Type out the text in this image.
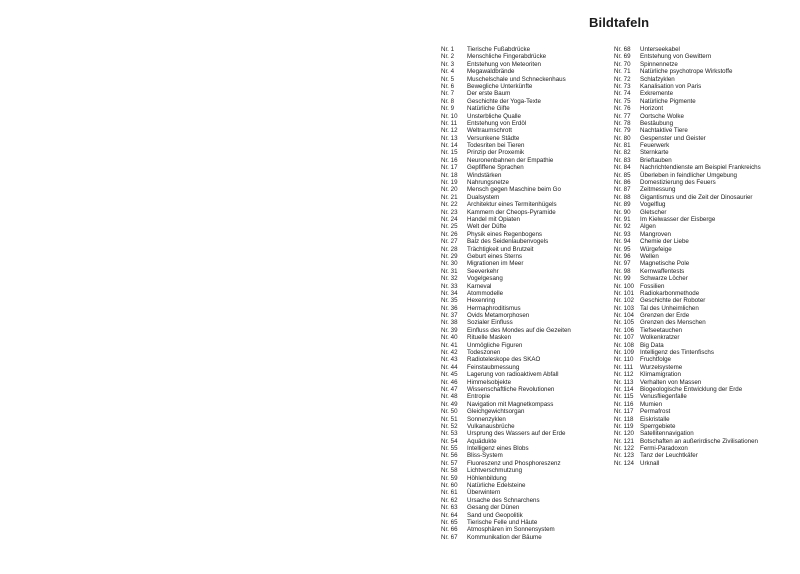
Bildtafeln
Nr. 1	Tierische Fußabdrücke
Nr. 2	Menschliche Fingerabdrücke
Nr. 3	Entstehung von Meteoriten
Nr. 4	Megawaldbrände
Nr. 5	Muschelschale und Schneckenhaus
Nr. 6	Bewegliche Unterkünfte
Nr. 7	Der erste Baum
Nr. 8	Geschichte der Yoga-Texte
Nr. 9	Natürliche Gifte
Nr. 10	Unsterbliche Qualle
Nr. 11	Entstehung von Erdöl
Nr. 12	Weltraumschrott
Nr. 13	Versunkene Städte
Nr. 14	Todesriten bei Tieren
Nr. 15	Prinzip der Proxemik
Nr. 16	Neuronenbahnen der Empathie
Nr. 17	Gepfiffene Sprachen
Nr. 18	Windstärken
Nr. 19	Nahrungsnetze
Nr. 20	Mensch gegen Maschine beim Go
Nr. 21	Dualsystem
Nr. 22	Architektur eines Termitenhügels
Nr. 23	Kammern der Cheops-Pyramide
Nr. 24	Handel mit Opiaten
Nr. 25	Welt der Düfte
Nr. 26	Physik eines Regenbogens
Nr. 27	Balz des Seidenlaubenvogels
Nr. 28	Trächtigkeit und Brutzeit
Nr. 29	Geburt eines Sterns
Nr. 30	Migrationen im Meer
Nr. 31	Seeverkehr
Nr. 32	Vogelgesang
Nr. 33	Karneval
Nr. 34	Atommodelle
Nr. 35	Hexenring
Nr. 36	Hermaphroditismus
Nr. 37	Ovids Metamorphosen
Nr. 38	Sozialer Einfluss
Nr. 39	Einfluss des Mondes auf die Gezeiten
Nr. 40	Rituelle Masken
Nr. 41	Unmögliche Figuren
Nr. 42	Todeszonen
Nr. 43	Radioteleskope des SKAO
Nr. 44	Feinstaubmessung
Nr. 45	Lagerung von radioaktivem Abfall
Nr. 46	Himmelsobjekte
Nr. 47	Wissenschaftliche Revolutionen
Nr. 48	Entropie
Nr. 49	Navigation mit Magnetkompass
Nr. 50	Gleichgewichtsorgan
Nr. 51	Sonnenzyklen
Nr. 52	Vulkanausbrüche
Nr. 53	Ursprung des Wassers auf der Erde
Nr. 54	Aquädukte
Nr. 55	Intelligenz eines Blobs
Nr. 56	Bliss-System
Nr. 57	Fluoreszenz und Phosphoreszenz
Nr. 58	Lichtverschmutzung
Nr. 59	Höhlenbildung
Nr. 60	Natürliche Edelsteine
Nr. 61	Überwintern
Nr. 62	Ursache des Schnarchens
Nr. 63	Gesang der Dünen
Nr. 64	Sand und Geopolitik
Nr. 65	Tierische Felle und Häute
Nr. 66	Atmosphären im Sonnensystem
Nr. 67	Kommunikation der Bäume
Nr. 68	Unterseekabel
Nr. 69	Entstehung von Gewittern
Nr. 70	Spinnennetze
Nr. 71	Natürliche psychotrope Wirkstoffe
Nr. 72	Schlafzyklen
Nr. 73	Kanalisation von Paris
Nr. 74	Exkremente
Nr. 75	Natürliche Pigmente
Nr. 76	Horizont
Nr. 77	Oortsche Wolke
Nr. 78	Bestäubung
Nr. 79	Nachtaktive Tiere
Nr. 80	Gespenster und Geister
Nr. 81	Feuerwerk
Nr. 82	Sternkarte
Nr. 83	Brieftauben
Nr. 84	Nachrichtendienste am Beispiel Frankreichs
Nr. 85	Überleben in feindlicher Umgebung
Nr. 86	Domestizierung des Feuers
Nr. 87	Zeitmessung
Nr. 88	Gigantismus und die Zeit der Dinosaurier
Nr. 89	Vogelflug
Nr. 90	Gletscher
Nr. 91	Im Kielwasser der Eisberge
Nr. 92	Algen
Nr. 93	Mangroven
Nr. 94	Chemie der Liebe
Nr. 95	Würgefeige
Nr. 96	Wellen
Nr. 97	Magnetische Pole
Nr. 98	Kernwaffentests
Nr. 99	Schwarze Löcher
Nr. 100 Fossilien
Nr. 101 Radiokarbonmethode
Nr. 102 Geschichte der Roboter
Nr. 103 Tal des Unheimlichen
Nr. 104 Grenzen der Erde
Nr. 105 Grenzen des Menschen
Nr. 106 Tiefseetauchen
Nr. 107 Wolkenkratzer
Nr. 108 Big Data
Nr. 109 Intelligenz des Tintenfischs
Nr. 110	Fruchtfolge
Nr. 111	Wurzelsysteme
Nr. 112	Klimamigration
Nr. 113	Verhalten von Massen
Nr. 114	Biogeologische Entwicklung der Erde
Nr. 115	Venusfliegenfalle
Nr. 116	Mumien
Nr. 117	Permafrost
Nr. 118	Eiskristalle
Nr. 119	Sperrgebiete
Nr. 120 Satellitennavigation
Nr. 121 Botschaften an außerirdische Zivilisationen
Nr. 122 Fermi-Paradoxon
Nr. 123 Tanz der Leuchtkäfer
Nr. 124 Urknall
